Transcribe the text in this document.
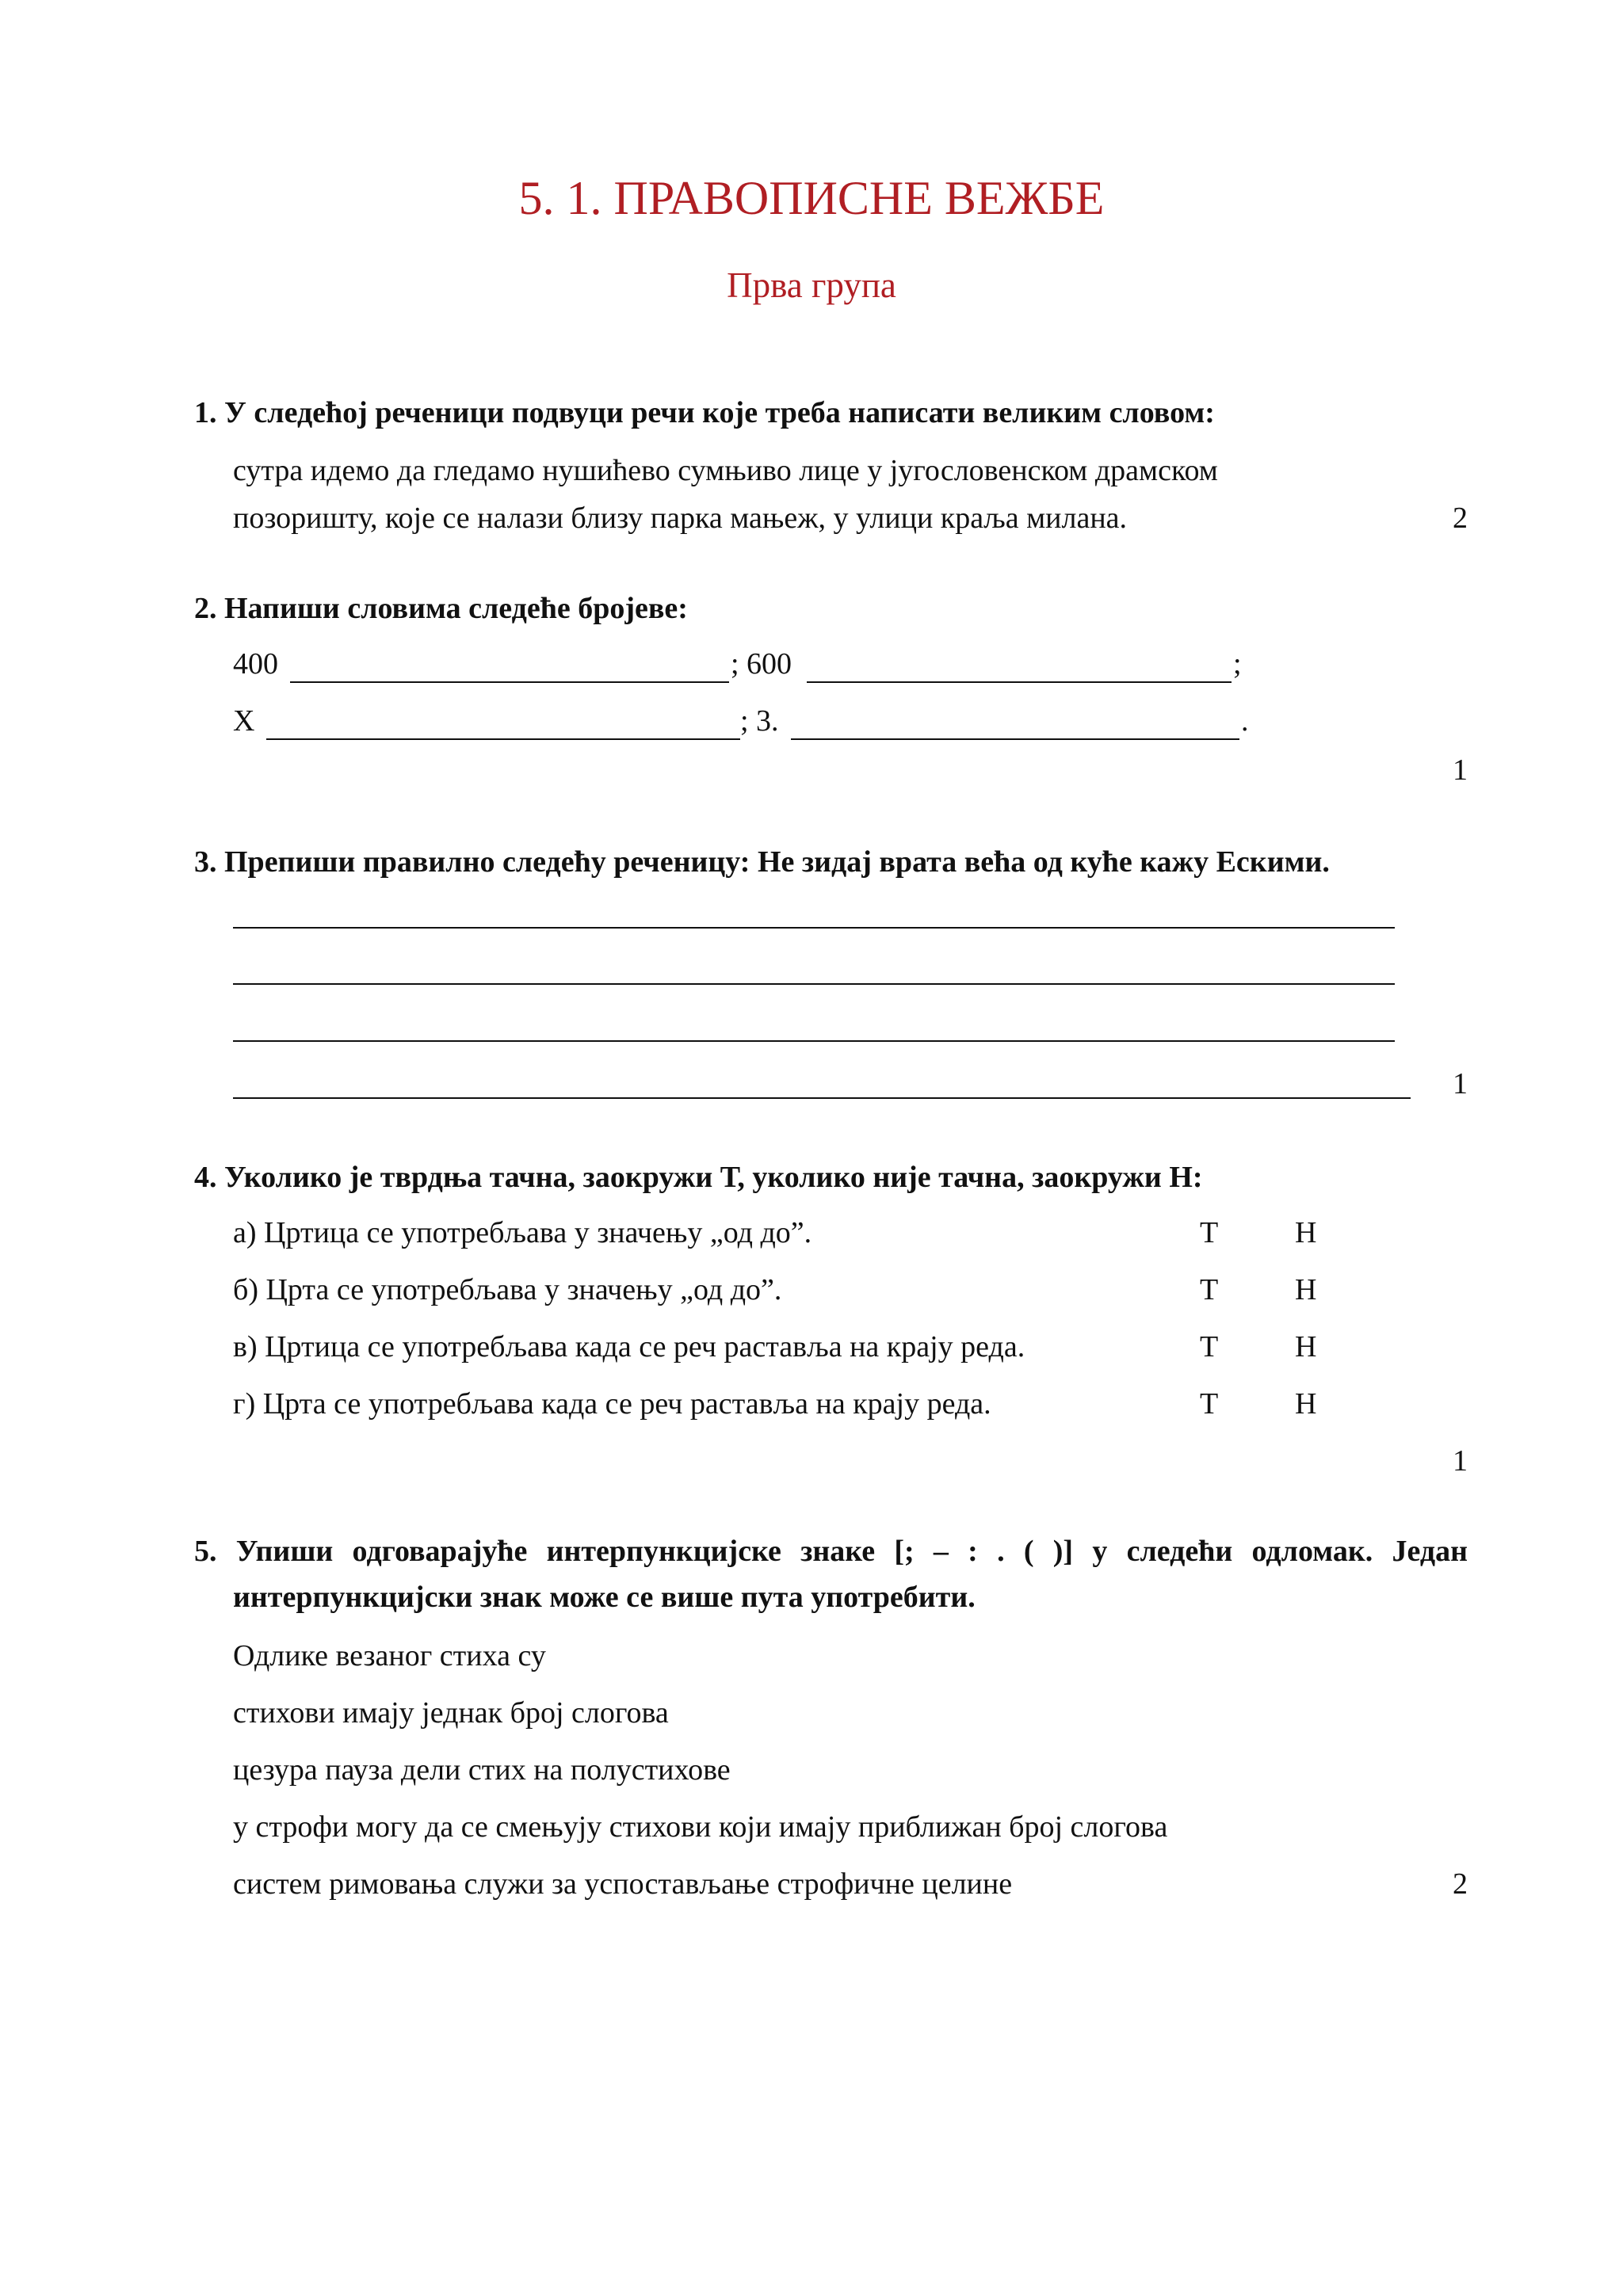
5. 1. ПРАВОПИСНЕ ВЕЖБЕ
Прва група
1. У следећој реченици подвуци речи које треба написати великим словом:
сутра идемо да гледамо нушићево сумњиво лице у југословенском драмском
позоришту, које се налази близу парка мањеж, у улици краља милана.	2
2. Напиши словима следеће бројеве:
400	; 600	;
X	; 3.	.
1
3. Препиши правилно следећу реченицу: Не зидај врата већа од куће кажу Ескими.
1
4. Уколико је тврдња тачна, заокружи Т, уколико није тачна, заокружи Н:
а) Цртица се употребљава у значењу „од до”.	Т	Н
б) Црта се употребљава у значењу „од до”.	Т	Н
в) Цртица се употребљава када се реч раставља на крају реда.	Т	Н
г) Црта се употребљава када се реч раставља на крају реда.	Т	Н
1
5. Упиши одговарајуће интерпункцијске знаке [; – : . ( )] у следећи одломак. Један
интерпункцијски знак може се више пута употребити.
Одлике везаног стиха су
стихови имају једнак број слогова
цезура пауза дели стих на полустихове
у строфи могу да се смењују стихови који имају приближан број слогова
систем римовања служи за успостављање строфичне целине	2
